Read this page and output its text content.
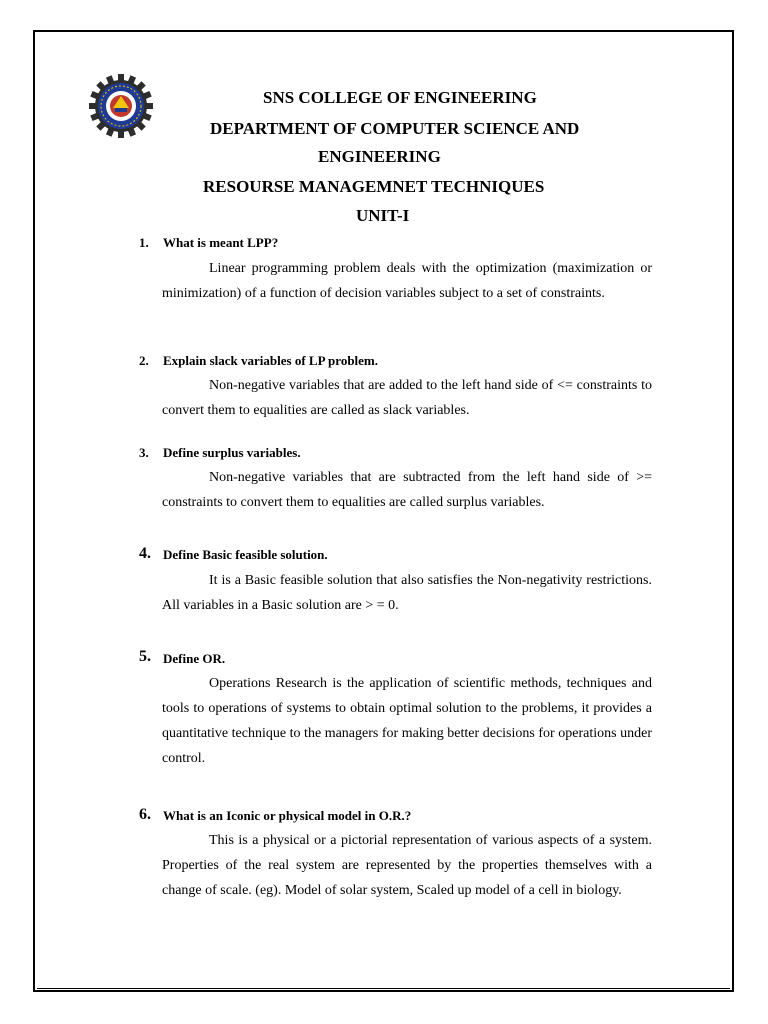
SNS COLLEGE OF ENGINEERING
DEPARTMENT OF COMPUTER SCIENCE AND
ENGINEERING
RESOURSE MANAGEMNET TECHNIQUES
UNIT-I
1. What is meant LPP?
Linear programming problem deals with the optimization (maximization or minimization) of a function of decision variables subject to a set of constraints.
2. Explain slack variables of LP problem.
Non-negative variables that are added to the left hand side of <= constraints to convert them to equalities are called as slack variables.
3. Define surplus variables.
Non-negative variables that are subtracted from the left hand side of >= constraints to convert them to equalities are called surplus variables.
4. Define Basic feasible solution.
It is a Basic feasible solution that also satisfies the Non-negativity restrictions. All variables in a Basic solution are > = 0.
5. Define OR.
Operations Research is the application of scientific methods, techniques and tools to operations of systems to obtain optimal solution to the problems, it provides a quantitative technique to the managers for making better decisions for operations under control.
6. What is an Iconic or physical model in O.R.?
This is a physical or a pictorial representation of various aspects of a system. Properties of the real system are represented by the properties themselves with a change of scale. (eg). Model of solar system, Scaled up model of a cell in biology.
